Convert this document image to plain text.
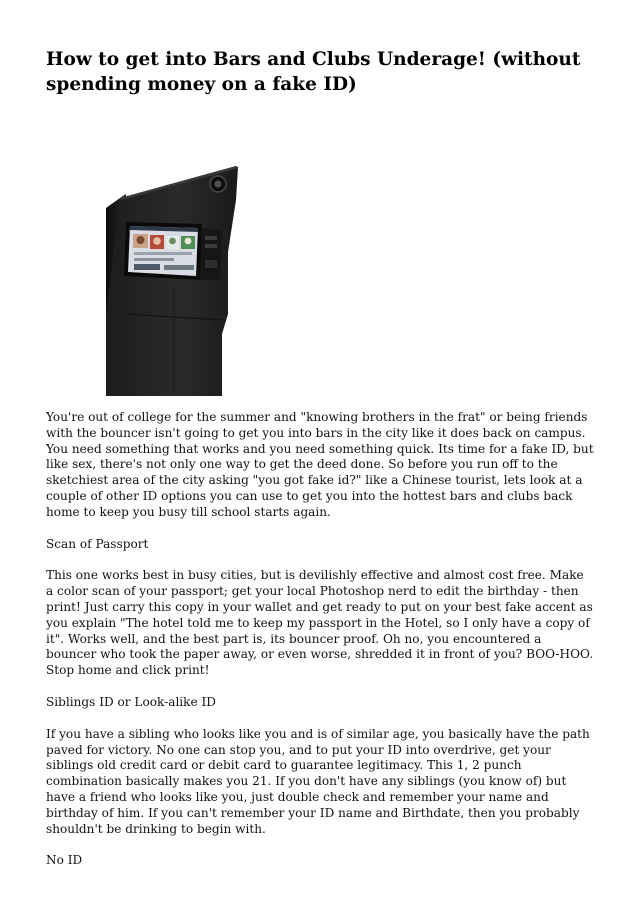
How to get into Bars and Clubs Underage! (without spending money on a fake ID)

You're out of college for the summer and "knowing brothers in the frat" or being friends with the bouncer isn't going to get you into bars in the city like it does back on campus. You need something that works and you need something quick. Its time for a fake ID, but like sex, there's not only one way to get the deed done. So before you run off to the sketchiest area of the city asking "you got fake id?" like a Chinese tourist, lets look at a couple of other ID options you can use to get you into the hottest bars and clubs back home to keep you busy till school starts again.

Scan of Passport

This one works best in busy cities, but is devilishly effective and almost cost free. Make a color scan of your passport; get your local Photoshop nerd to edit the birthday - then print! Just carry this copy in your wallet and get ready to put on your best fake accent as you explain "The hotel told me to keep my passport in the Hotel, so I only have a copy of it". Works well, and the best part is, its bouncer proof. Oh no, you encountered a bouncer who took the paper away, or even worse, shredded it in front of you? BOO-HOO. Stop home and click print!

Siblings ID or Look-alike ID

If you have a sibling who looks like you and is of similar age, you basically have the path paved for victory. No one can stop you, and to put your ID into overdrive, get your siblings old credit card or debit card to guarantee legitimacy. This 1, 2 punch combination basically makes you 21. If you don't have any siblings (you know of) but have a friend who looks like you, just double check and remember your name and birthday of him. If you can't remember your ID name and Birthdate, then you probably shouldn't be drinking to begin with.

No ID
